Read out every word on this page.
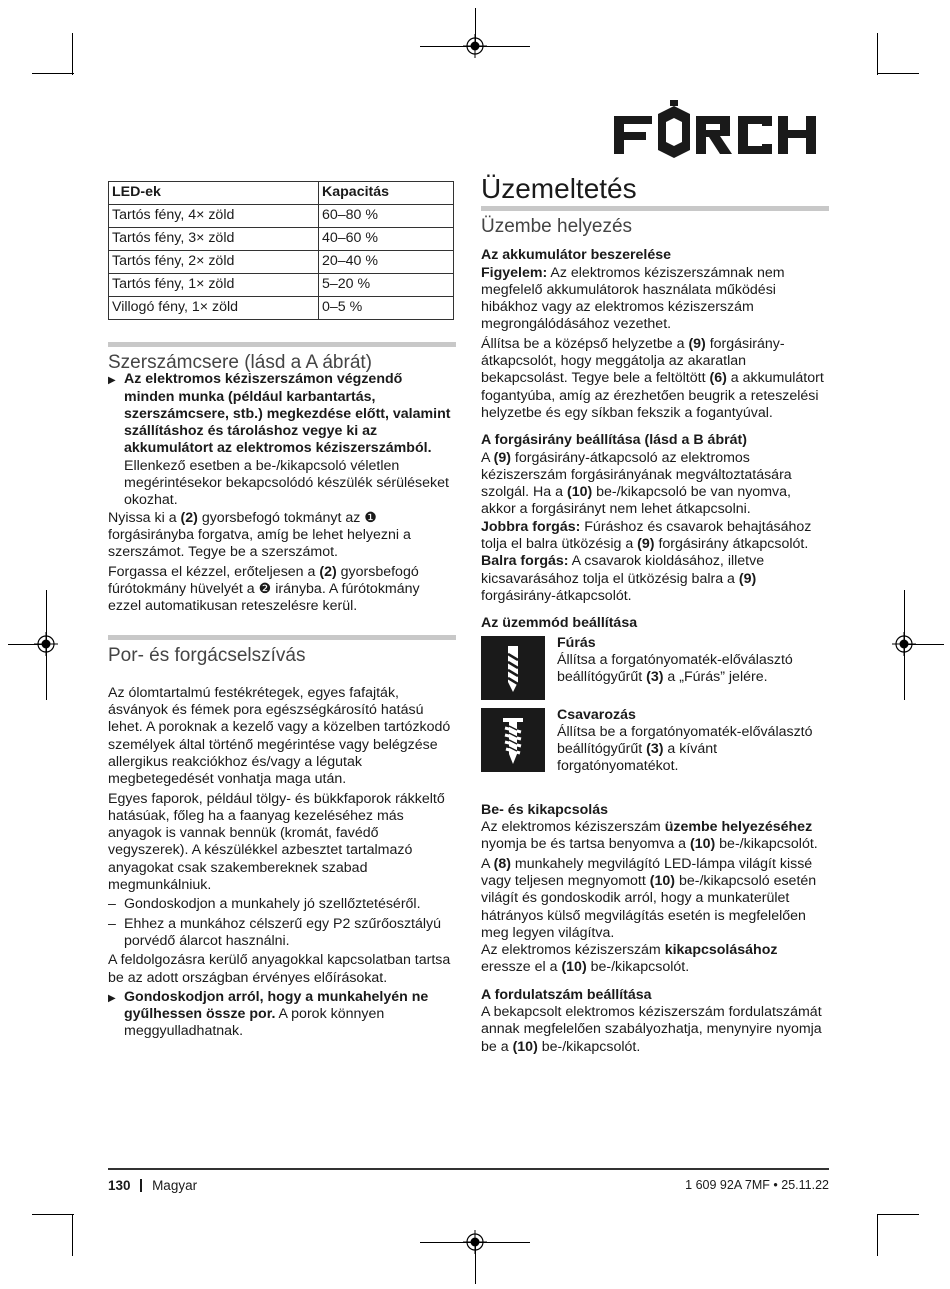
LED-ek	Kapacitás
Tartós fény, 4× zöld	60–80 %
Tartós fény, 3× zöld	40–60 %
Tartós fény, 2× zöld	20–40 %
Tartós fény, 1× zöld	5–20 %
Villogó fény, 1× zöld	0–5 %

Szerszámcsere (lásd a A ábrát)

▶ Az elektromos kéziszerszámon végzendő minden munka (például karbantartás, szerszámcsere, stb.) megkezdése előtt, valamint szállításhoz és tároláshoz vegye ki az akkumulátort az elektromos kéziszerszámból. Ellenkező esetben a be-/kikapcsoló véletlen megérintésekor bekapcsolódó készülék sérüléseket okozhat.

Nyissa ki a (2) gyorsbefogó tokmányt az ❶ forgásirányba forgatva, amíg be lehet helyezni a szerszámot. Tegye be a szerszámot.

Forgassa el kézzel, erőteljesen a (2) gyorsbefogó fúrótokmány hüvelyét a ❷ irányba. A fúrótokmány ezzel automatikusan reteszelésre kerül.

Por- és forgácselszívás

Az ólomtartalmú festékrétegek, egyes fafajták, ásványok és fémek pora egészségkárosító hatású lehet. A poroknak a kezelő vagy a közelben tartózkodó személyek által történő megérintése vagy belégzése allergikus reakciókhoz és/vagy a légutak megbetegedését vonhatja maga után.

Egyes faporok, például tölgy- és bükkfaporok rákkeltő hatásúak, főleg ha a faanyag kezeléséhez más anyagok is vannak bennük (kromát, favédő vegyszerek). A készülékkel azbesztet tartalmazó anyagokat csak szakembereknek szabad megmunkálniuk.

– Gondoskodjon a munkahely jó szellőztetéséről.

– Ehhez a munkához célszerű egy P2 szűrőosztályú porvédő álarcot használni.

A feldolgozásra kerülő anyagokkal kapcsolatban tartsa be az adott országban érvényes előírásokat.

▶ Gondoskodjon arról, hogy a munkahelyén ne gyűlhessen össze por. A porok könnyen meggyulladhatnak.

Üzemeltetés

Üzembe helyezés

Az akkumulátor beszerelése

Figyelem: Az elektromos kéziszerszámnak nem megfelelő akkumulátorok használata működési hibákhoz vagy az elektromos kéziszerszám megrongálódásához vezethet.

Állítsa be a középső helyzetbe a (9) forgásirány-átkapcsolót, hogy meggátolja az akaratlan bekapcsolást. Tegye bele a feltöltött (6) a akkumulátort fogantyúba, amíg az érezhetően beugrik a reteszelési helyzetbe és egy síkban fekszik a fogantyúval.

A forgásirány beállítása (lásd a B ábrát)

A (9) forgásirány-átkapcsoló az elektromos kéziszerszám forgásirányának megváltoztatására szolgál. Ha a (10) be-/kikapcsoló be van nyomva, akkor a forgásirányt nem lehet átkapcsolni.

Jobbra forgás: Fúráshoz és csavarok behajtásához tolja el balra ütközésig a (9) forgásirány átkapcsolót.

Balra forgás: A csavarok kioldásához, illetve kicsavarásához tolja el ütközésig balra a (9) forgásirány-átkapcsolót.

Az üzemmód beállítása

Fúrás

Állítsa a forgatónyomaték-előválasztó beállítógyűrűt (3) a „Fúrás” jelére.

Csavarozás

Állítsa be a forgatónyomaték-előválasztó beállítógyűrűt (3) a kívánt forgatónyomatékot.

Be- és kikapcsolás

Az elektromos kéziszerszám üzembe helyezéséhez nyomja be és tartsa benyomva a (10) be-/kikapcsolót.

A (8) munkahely megvilágító LED-lámpa világít kissé vagy teljesen megnyomott (10) be-/kikapcsoló esetén világít és gondoskodik arról, hogy a munkaterület hátrányos külső megvilágítás esetén is megfelelően meg legyen világítva.

Az elektromos kéziszerszám kikapcsolásához eressze el a (10) be-/kikapcsolót.

A fordulatszám beállítása

A bekapcsolt elektromos kéziszerszám fordulatszámát annak megfelelően szabályozhatja, menynyire nyomja be a (10) be-/kikapcsolót.

130 Magyar	1 609 92A 7MF • 25.11.22
